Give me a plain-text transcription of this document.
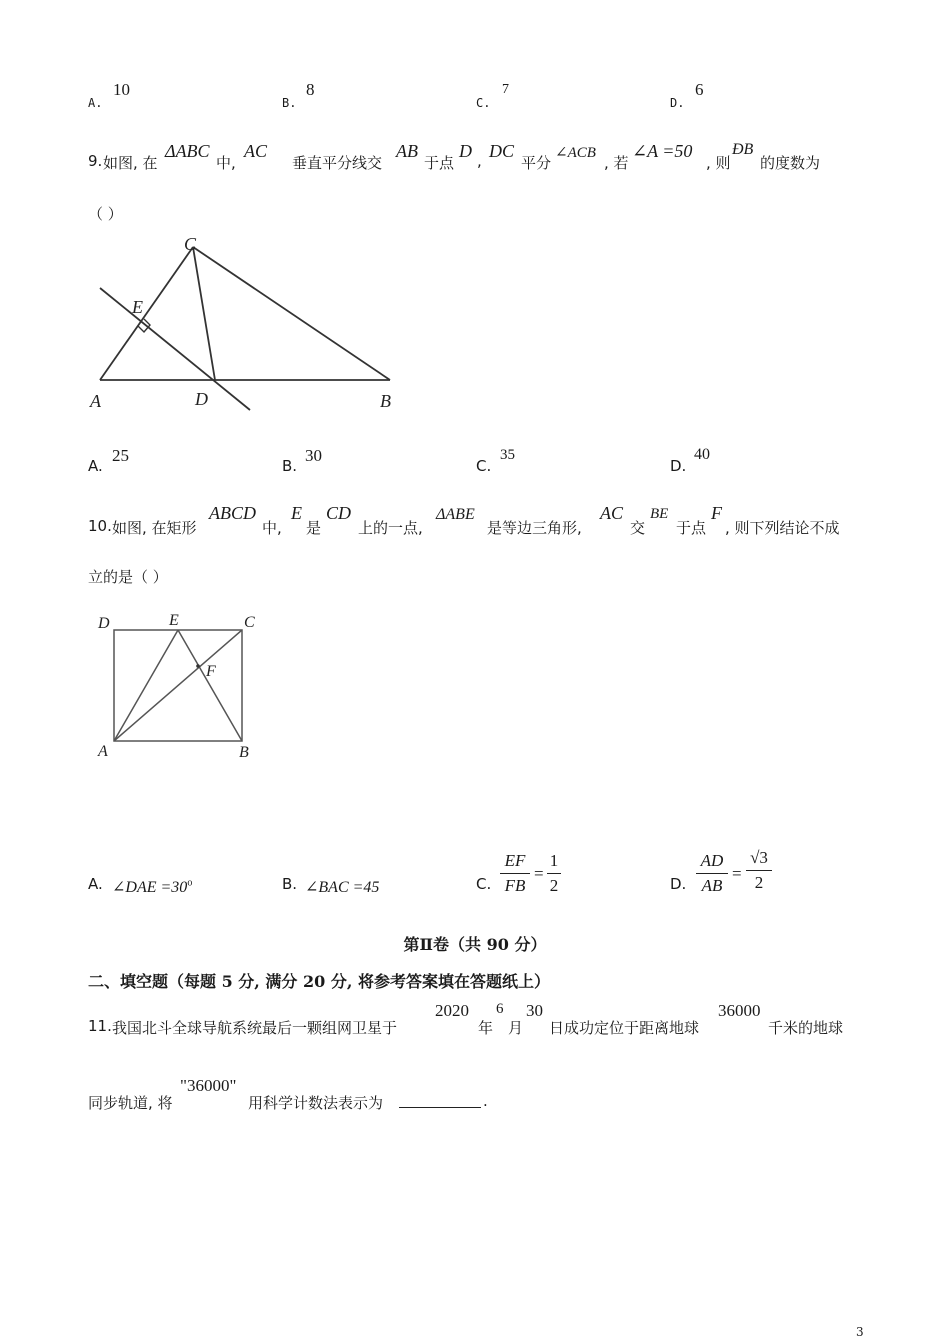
A.
10
B.
8
C.
7
D.
6
9. 如图, 在
ΔABC
中,
AC
垂直平分线交
AB
于点
D , DC
平分
∠ACB
, 若
∠A =50
, 则
ÐB
的度数为
（ ）
C
E
A	D	B
A.
25
B.
30
C.
35
D.
40
10. 如图, 在矩形
ABCD
中,
E
是
CD
上的一点,
ΔABE
是等边三角形,
AC
交
BE
于点
F
, 则下列结论不成
立的是（ ）
D	E	C
F
A	B
A. ∠DAE $=30^o$	B. ∠BAC =45	C.
EF
FB
=
1
2	D.
AD
AB
=
√3
2
第Ⅱ卷（共 90 分）
二、填空题（每题 5 分, 满分 20 分, 将参考答案填在答题纸上）
11. 我国北斗全球导航系统最后一颗组网卫星于
2020
年
6
月
30
日成功定位于距离地球
36000
千米的地球
同步轨道, 将
"36000"
用科学计数法表示为	.
3
